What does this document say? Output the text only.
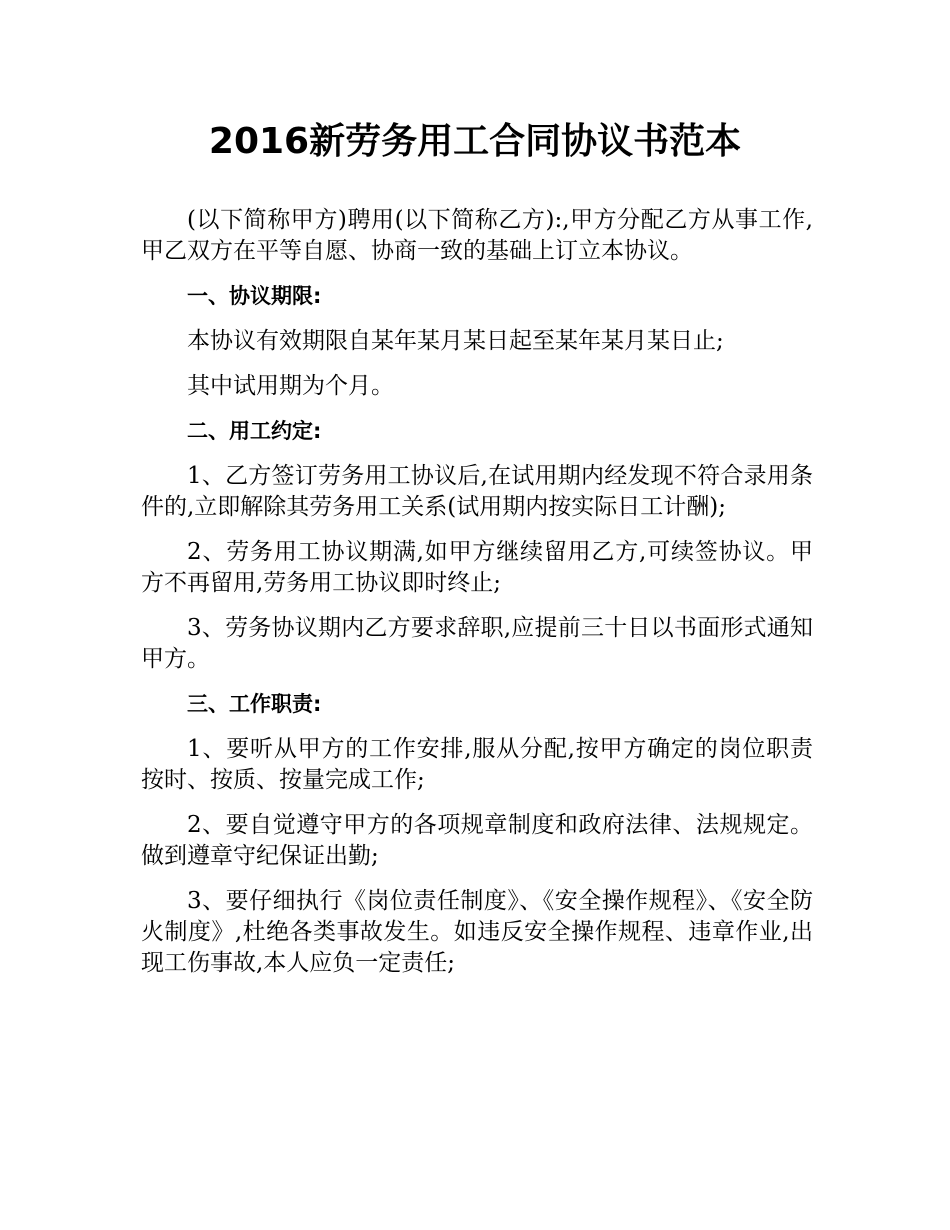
2016新劳务用工合同协议书范本

(以下简称甲方)聘用(以下简称乙方):,甲方分配乙方从事工作,甲乙双方在平等自愿、协商一致的基础上订立本协议。

一、协议期限:

本协议有效期限自某年某月某日起至某年某月某日止;

其中试用期为个月。

二、用工约定:

1、乙方签订劳务用工协议后,在试用期内经发现不符合录用条件的,立即解除其劳务用工关系(试用期内按实际日工计酬);

2、劳务用工协议期满,如甲方继续留用乙方,可续签协议。甲方不再留用,劳务用工协议即时终止;

3、劳务协议期内乙方要求辞职,应提前三十日以书面形式通知甲方。

三、工作职责:

1、要听从甲方的工作安排,服从分配,按甲方确定的岗位职责按时、按质、按量完成工作;

2、要自觉遵守甲方的各项规章制度和政府法律、法规规定。做到遵章守纪保证出勤;

3、要仔细执行《岗位责任制度》、《安全操作规程》、《安全防火制度》,杜绝各类事故发生。如违反安全操作规程、违章作业,出现工伤事故,本人应负一定责任;
